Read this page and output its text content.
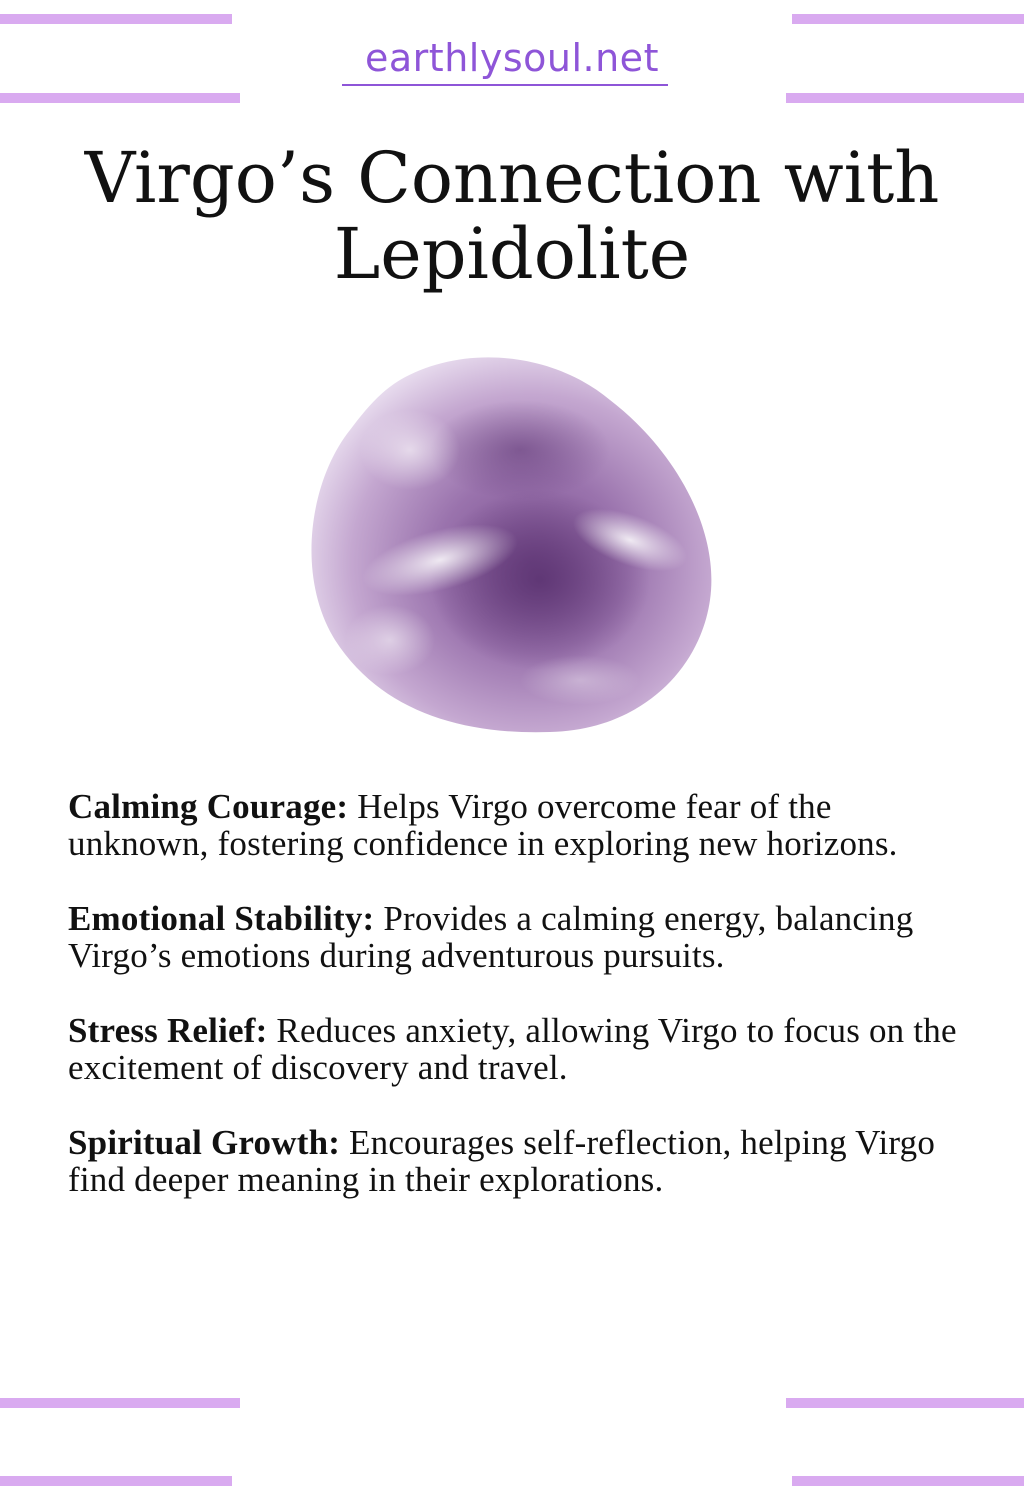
earthlysoul.net
Virgo’s Connection with
Lepidolite

Calming Courage: Helps Virgo overcome fear of the unknown, fostering confidence in exploring new horizons.

Emotional Stability: Provides a calming energy, balancing Virgo’s emotions during adventurous pursuits.

Stress Relief: Reduces anxiety, allowing Virgo to focus on the excitement of discovery and travel.

Spiritual Growth: Encourages self-reflection, helping Virgo find deeper meaning in their explorations.
